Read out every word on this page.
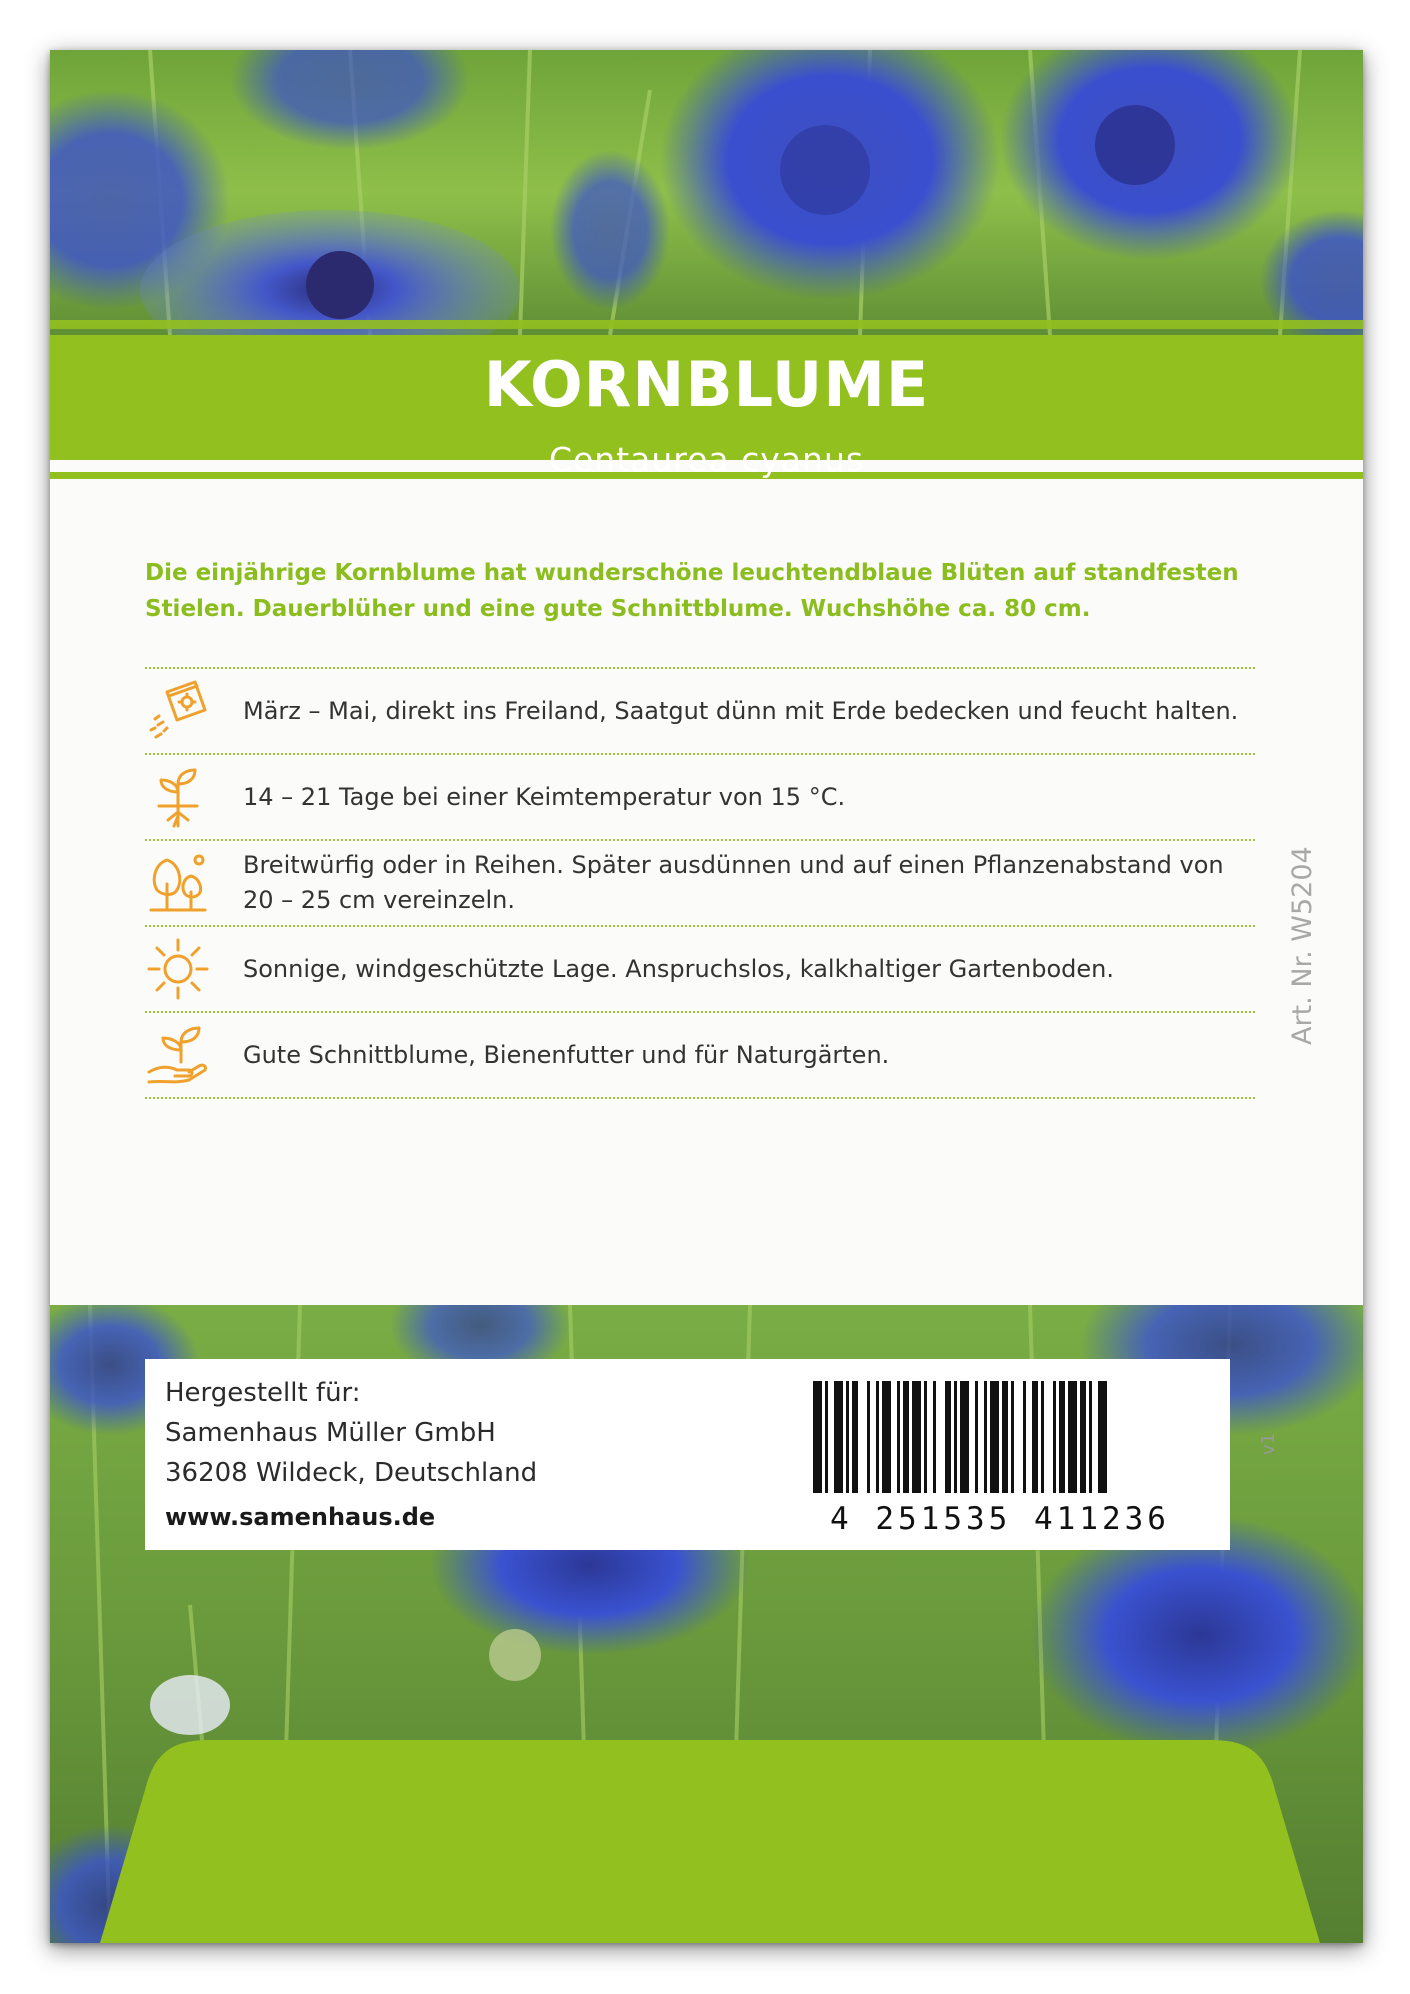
KORNBLUME
Centaurea cyanus
Die einjährige Kornblume hat wunderschöne leuchtendblaue Blüten auf standfesten Stielen. Dauerblüher und eine gute Schnittblume. Wuchshöhe ca. 80 cm.
März – Mai, direkt ins Freiland, Saatgut dünn mit Erde bedecken und feucht halten.
14 – 21 Tage bei einer Keimtemperatur von 15 °C.
Breitwürfig oder in Reihen. Später ausdünnen und auf einen Pflanzenabstand von 20 – 25 cm vereinzeln.
Sonnige, windgeschützte Lage. Anspruchslos, kalkhaltiger Gartenboden.
Gute Schnittblume, Bienenfutter und für Naturgärten.
Art. Nr. W5204
Hergestellt für:
Samenhaus Müller GmbH
36208 Wildeck, Deutschland
www.samenhaus.de	4 251535 411236
v1
